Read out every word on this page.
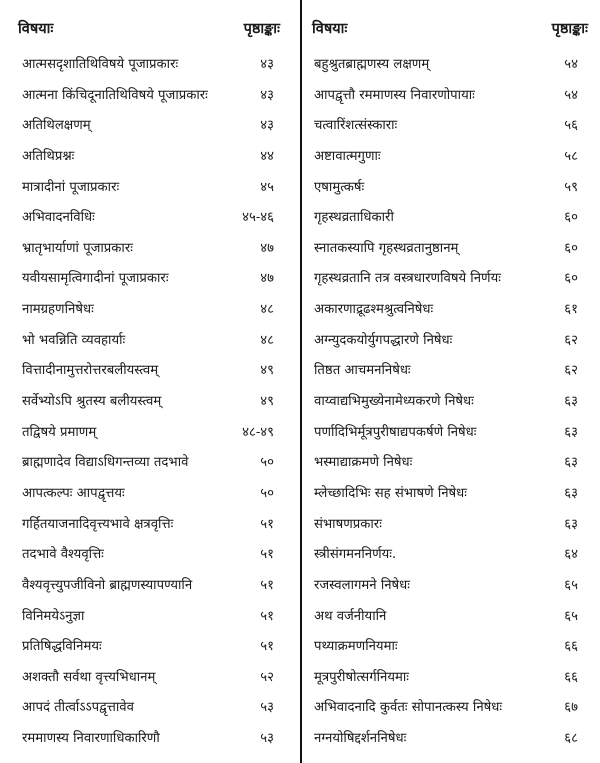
विषयाः	पृष्ठाङ्काः
आत्मसदृशातिथिविषये पूजाप्रकारः	४३
आत्मना किंचिदूनातिथिविषये पूजाप्रकारः	४३
अतिथिलक्षणम्	४३
अतिथिप्रश्नः	४४
मात्रादीनां पूजाप्रकारः	४५
अभिवादनविधिः	४५-४६
भ्रातृभार्याणां पूजाप्रकारः	४७
यवीयसामृत्विगादीनां पूजाप्रकारः	४७
नामग्रहणनिषेधः	४८
भो भवन्निति व्यवहार्याः	४८
वित्तादीनामुत्तरोत्तरबलीयस्त्वम्	४९
सर्वेभ्योऽपि श्रुतस्य बलीयस्त्वम्	४९
तद्विषये प्रमाणम्	४८-४९
ब्राह्मणादेव विद्याऽधिगन्तव्या तदभावे	५०
आपत्कल्पः आपद्वृत्तयः	५०
गर्हितयाजनादिवृत्त्यभावे क्षत्रवृत्तिः	५१
तदभावे वैश्यवृत्तिः	५१
वैश्यवृत्त्युपजीविनो ब्राह्मणस्यापण्यानि	५१
विनिमयेऽनुज्ञा	५१
प्रतिषिद्धविनिमयः	५१
अशक्तौ सर्वथा वृत्त्यभिधानम्	५२
आपदं तीर्त्वाऽऽपद्वृत्तावेव	५३
रममाणस्य निवारणाधिकारिणौ	५३
विषयाः	पृष्ठाङ्काः
बहुश्रुतब्राह्मणस्य लक्षणम्	५४
आपद्वृत्तौ रममाणस्य निवारणोपायाः	५४
चत्वारिंशत्संस्काराः	५६
अष्टावात्मगुणाः	५८
एषामुत्कर्षः	५९
गृहस्थव्रताधिकारी	६०
स्नातकस्यापि गृहस्थव्रतानुष्ठानम्	६०
गृहस्थव्रतानि तत्र वस्त्रधारणविषये निर्णयः	६०
अकारणाद्रूढश्मश्रुत्वनिषेधः	६१
अग्न्युदकयोर्युगपद्धारणे निषेधः	६२
तिष्ठत आचमननिषेधः	६२
वाय्वाद्यभिमुख्येनामेध्यकरणे निषेधः	६३
पर्णादिभिर्मूत्रपुरीषाद्यपकर्षणे निषेधः	६३
भस्माद्याक्रमणे निषेधः	६३
म्लेच्छादिभिः सह संभाषणे निषेधः	६३
संभाषणप्रकारः	६३
स्त्रीसंगमननिर्णयः.	६४
रजस्वलागमने निषेधः	६५
अथ वर्जनीयानि	६५
पथ्याक्रमणनियमाः	६६
मूत्रपुरीषोत्सर्गनियमाः	६६
अभिवादनादि कुर्वतः सोपानत्कस्य निषेधः	६७
नग्नयोषिद्दर्शननिषेधः	६८
